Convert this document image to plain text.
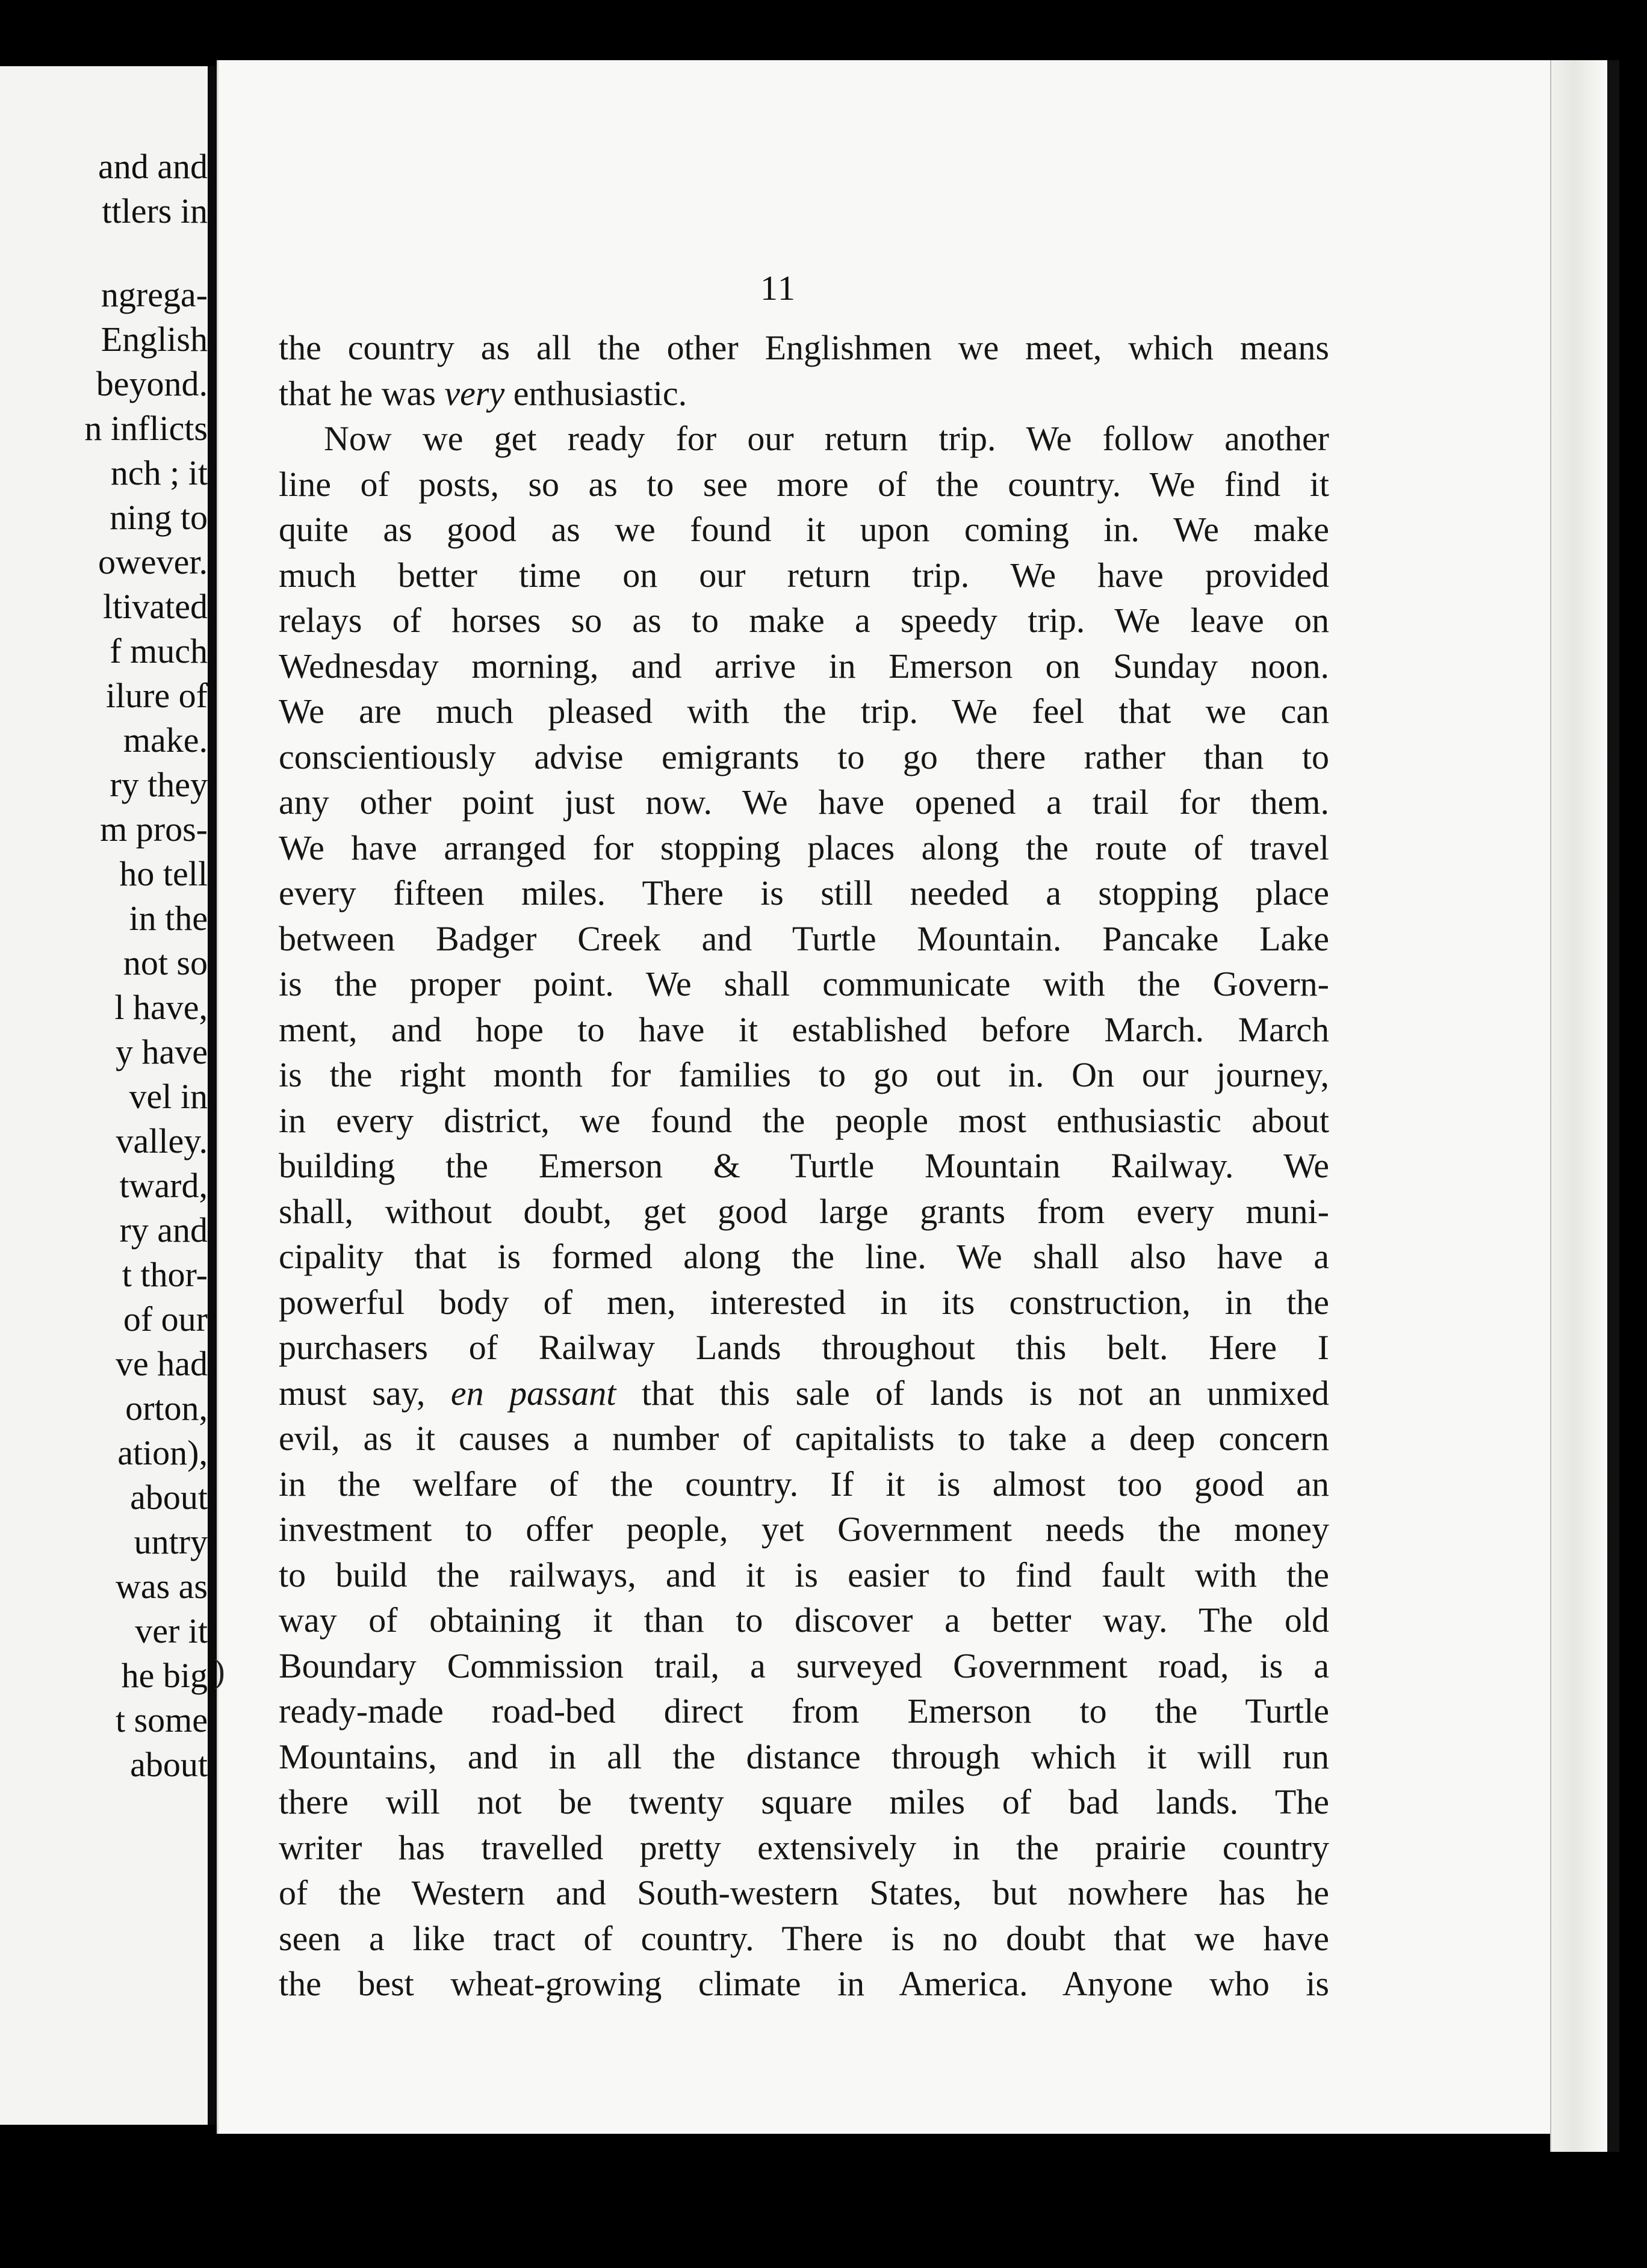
and and
ttlers in
ngrega-
English
beyond.
n inflicts
nch ; it
ning to
owever.
ltivated
f much
ilure of
make.
ry they
m pros-
ho tell
in the
not so
l have,
y have
vel in
valley.
tward,
ry and
t thor-
of our
ve had
orton,
ation),
about
untry
was as
ver it
he big
t some
about
11
)
the country as all the other Englishmen we meet, which means
that he was very enthusiastic.
Now we get ready for our return trip. We follow another
line of posts, so as to see more of the country. We find it
quite as good as we found it upon coming in. We make
much better time on our return trip. We have provided
relays of horses so as to make a speedy trip. We leave on
Wednesday morning, and arrive in Emerson on Sunday noon.
We are much pleased with the trip. We feel that we can
conscientiously advise emigrants to go there rather than to
any other point just now. We have opened a trail for them.
We have arranged for stopping places along the route of travel
every fifteen miles. There is still needed a stopping place
between Badger Creek and Turtle Mountain. Pancake Lake
is the proper point. We shall communicate with the Govern-
ment, and hope to have it established before March. March
is the right month for families to go out in. On our journey,
in every district, we found the people most enthusiastic about
building the Emerson & Turtle Mountain Railway. We
shall, without doubt, get good large grants from every muni-
cipality that is formed along the line. We shall also have a
powerful body of men, interested in its construction, in the
purchasers of Railway Lands throughout this belt. Here I
must say, en passant that this sale of lands is not an unmixed
evil, as it causes a number of capitalists to take a deep concern
in the welfare of the country. If it is almost too good an
investment to offer people, yet Government needs the money
to build the railways, and it is easier to find fault with the
way of obtaining it than to discover a better way. The old
Boundary Commission trail, a surveyed Government road, is a
ready-made road-bed direct from Emerson to the Turtle
Mountains, and in all the distance through which it will run
there will not be twenty square miles of bad lands. The
writer has travelled pretty extensively in the prairie country
of the Western and South-western States, but nowhere has he
seen a like tract of country. There is no doubt that we have
the best wheat-growing climate in America. Anyone who is
